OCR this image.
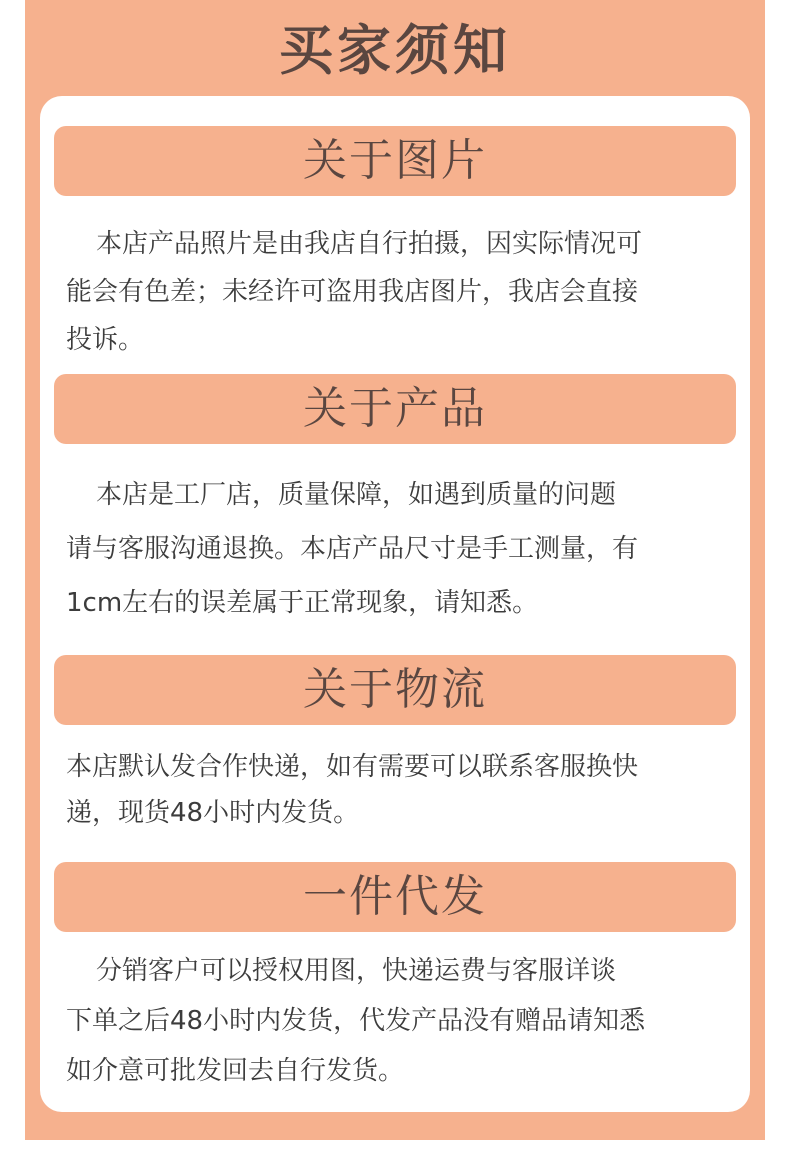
买家须知
关于图片
本店产品照片是由我店自行拍摄，因实际情况可
能会有色差；未经许可盗用我店图片，我店会直接
投诉。
关于产品
本店是工厂店，质量保障，如遇到质量的问题
请与客服沟通退换。本店产品尺寸是手工测量，有
1cm左右的误差属于正常现象，请知悉。
关于物流
本店默认发合作快递，如有需要可以联系客服换快
递，现货48小时内发货。
一件代发
分销客户可以授权用图，快递运费与客服详谈
下单之后48小时内发货，代发产品没有赠品请知悉
如介意可批发回去自行发货。
